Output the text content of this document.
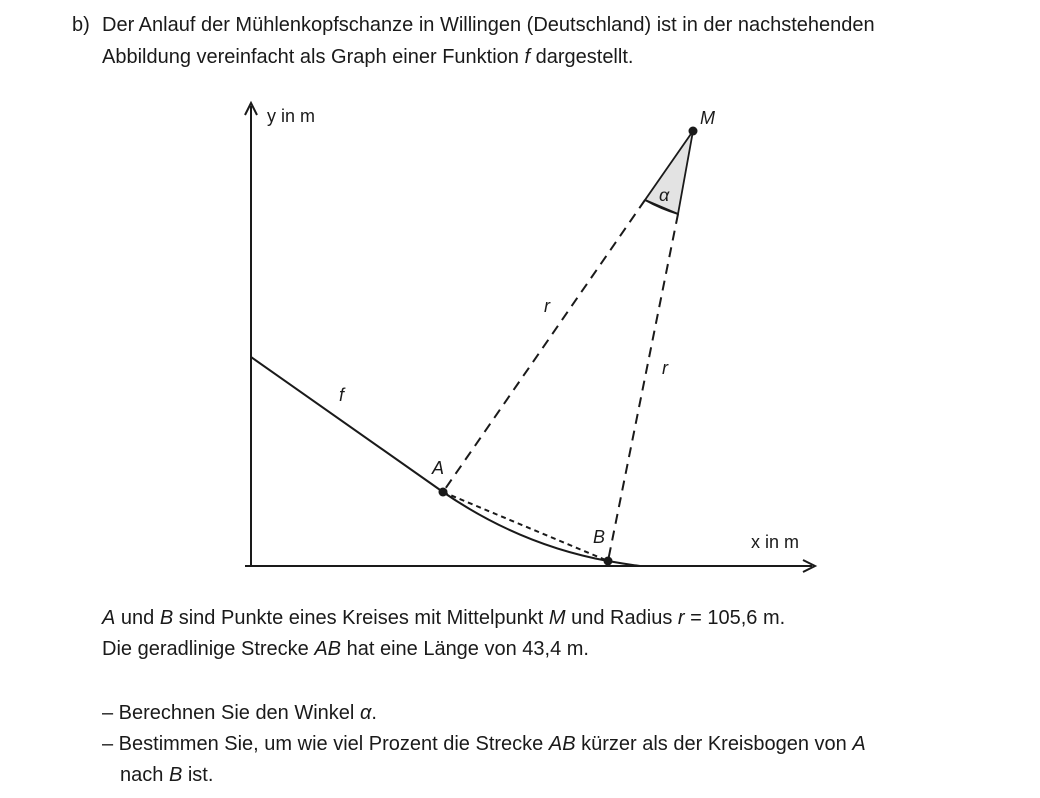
b) Der Anlauf der Mühlenkopfschanze in Willingen (Deutschland) ist in der nachstehenden
Abbildung vereinfacht als Graph einer Funktion f dargestellt.
y in m
x in m
f
A
B
M
r
r
α
A und B sind Punkte eines Kreises mit Mittelpunkt M und Radius r = 105,6 m.
Die geradlinige Strecke AB hat eine Länge von 43,4 m.
– Berechnen Sie den Winkel α.
– Bestimmen Sie, um wie viel Prozent die Strecke AB kürzer als der Kreisbogen von A
nach B ist.
